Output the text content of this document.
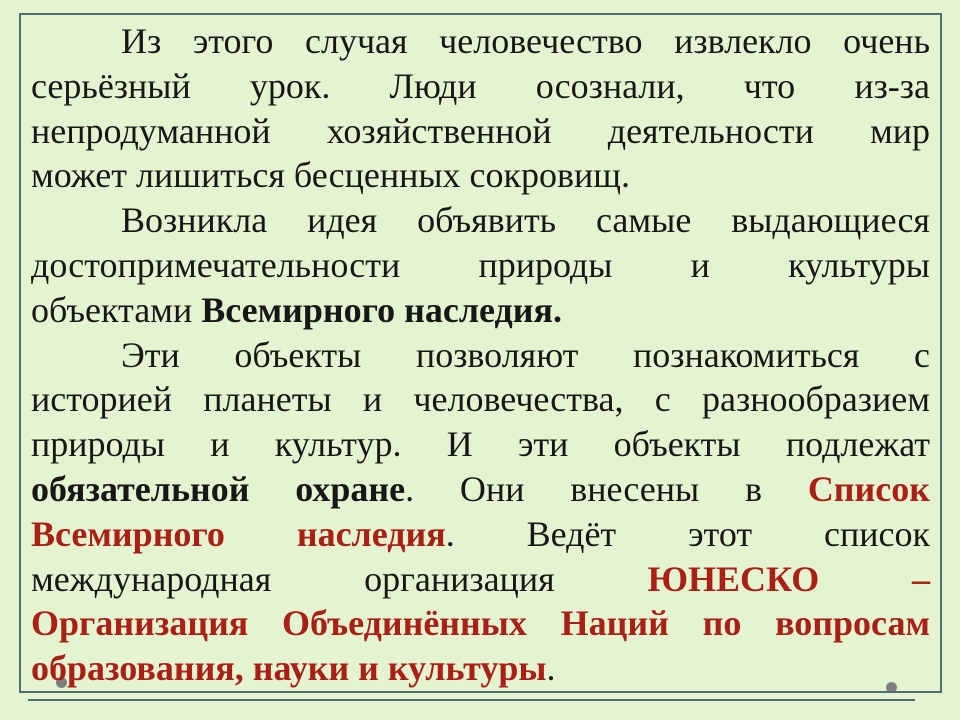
Из этого случая человечество извлекло очень
серьёзный урок. Люди осознали, что из-за
непродуманной хозяйственной деятельности мир
может лишиться бесценных сокровищ.
Возникла идея объявить самые выдающиеся
достопримечательности природы и культуры
объектами Всемирного наследия.
Эти объекты позволяют познакомиться с
историей планеты и человечества, с разнообразием
природы и культур. И эти объекты подлежат
обязательной охране. Они внесены в Список
Всемирного наследия. Ведёт этот список
международная организация ЮНЕСКО –
Организация Объединённых Наций по вопросам
образования, науки и культуры.
